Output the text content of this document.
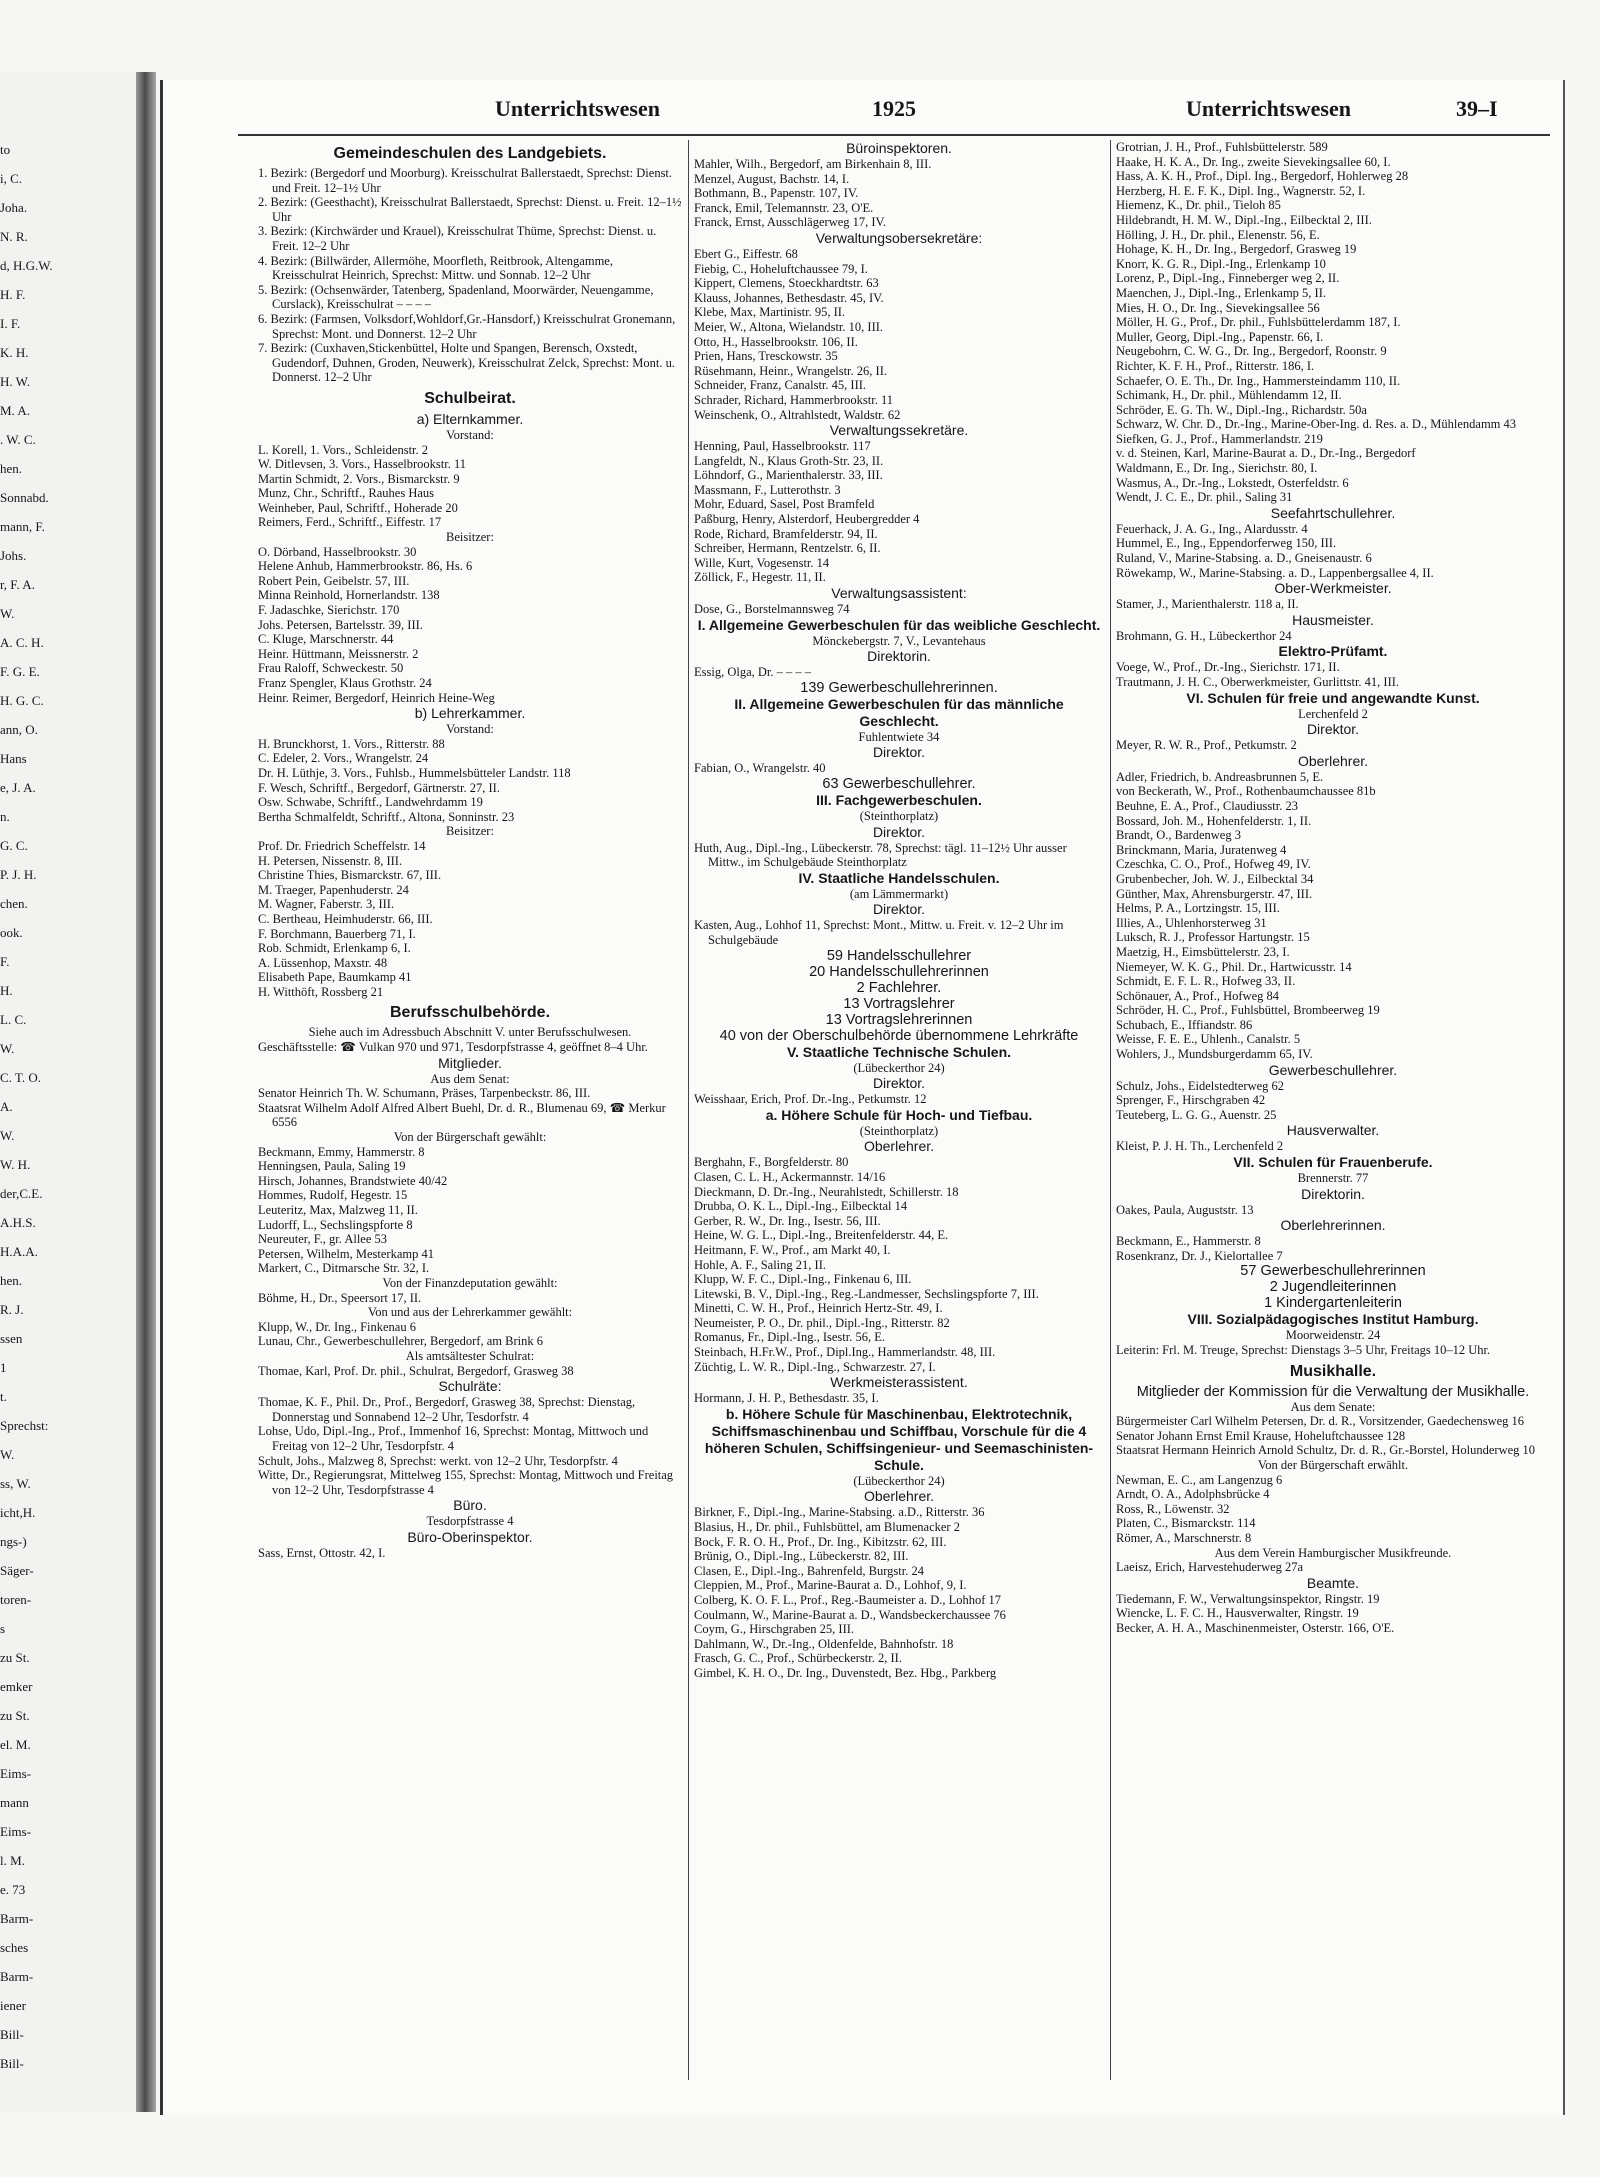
to
i, C.
Joha.
N. R.
d, H.G.W.
H. F.
I. F.
K. H.
H. W.
M. A.
. W. C.
hen.
Sonnabd.
mann, F.
Johs.
r, F. A.
W.
A. C. H.
F. G. E.
H. G. C.
ann, O.
Hans
e, J. A.
n.
G. C.
P. J. H.
chen.
ook.
F.
H.
L. C.
W.
C. T. O.
A.
W.
W. H.
der,C.E.
A.H.S.
H.A.A.
hen.
R. J.
ssen
1
t.
Sprechst:
W.
ss, W.
icht,H.
ngs-)
Säger-
toren-
s
zu St.
emker
zu St.
el. M.
Eims-
mann
Eims-
l. M.
e. 73
Barm-
sches
Barm-
iener
Bill-
Bill-
Unterrichtswesen	1925	Unterrichtswesen	39–I
Gemeindeschulen des Landgebiets.
1. Bezirk: (Bergedorf und Moorburg). Kreisschulrat Ballerstaedt, Sprechst: Dienst. und Freit. 12–1½ Uhr
2. Bezirk: (Geesthacht), Kreisschulrat Ballerstaedt, Sprechst: Dienst. u. Freit. 12–1½ Uhr
3. Bezirk: (Kirchwärder und Krauel), Kreisschulrat Thüme, Sprechst: Dienst. u. Freit. 12–2 Uhr
4. Bezirk: (Billwärder, Allermöhe, Moorfleth, Reitbrook, Altengamme, Kreisschulrat Heinrich, Sprechst: Mittw. und Sonnab. 12–2 Uhr
5. Bezirk: (Ochsenwärder, Tatenberg, Spadenland, Moorwärder, Neuengamme, Curslack), Kreisschulrat – – – –
6. Bezirk: (Farmsen, Volksdorf,Wohldorf,Gr.-Hansdorf,) Kreisschulrat Gronemann, Sprechst: Mont. und Donnerst. 12–2 Uhr
7. Bezirk: (Cuxhaven,Stickenbüttel, Holte und Spangen, Berensch, Oxstedt, Gudendorf, Duhnen, Groden, Neuwerk), Kreisschulrat Zelck, Sprechst: Mont. u. Donnerst. 12–2 Uhr
Schulbeirat.
a) Elternkammer.
Vorstand:
L. Korell, 1. Vors., Schleidenstr. 2
W. Ditlevsen, 3. Vors., Hasselbrookstr. 11
Martin Schmidt, 2. Vors., Bismarckstr. 9
Munz, Chr., Schriftf., Rauhes Haus
Weinheber, Paul, Schriftf., Hoherade 20
Reimers, Ferd., Schriftf., Eiffestr. 17
Beisitzer:
O. Dörband, Hasselbrookstr. 30
Helene Anhub, Hammerbrookstr. 86, Hs. 6
Robert Pein, Geibelstr. 57, III.
Minna Reinhold, Hornerlandstr. 138
F. Jadaschke, Sierichstr. 170
Johs. Petersen, Bartelsstr. 39, III.
C. Kluge, Marschnerstr. 44
Heinr. Hüttmann, Meissnerstr. 2
Frau Raloff, Schweckestr. 50
Franz Spengler, Klaus Grothstr. 24
Heinr. Reimer, Bergedorf, Heinrich Heine-Weg
b) Lehrerkammer.
Vorstand:
H. Brunckhorst, 1. Vors., Ritterstr. 88
C. Edeler, 2. Vors., Wrangelstr. 24
Dr. H. Lüthje, 3. Vors., Fuhlsb., Hummelsbütteler Landstr. 118
F. Wesch, Schriftf., Bergedorf, Gärtnerstr. 27, II.
Osw. Schwabe, Schriftf., Landwehrdamm 19
Bertha Schmalfeldt, Schriftf., Altona, Sonninstr. 23
Beisitzer:
Prof. Dr. Friedrich Scheffelstr. 14
H. Petersen, Nissenstr. 8, III.
Christine Thies, Bismarckstr. 67, III.
M. Traeger, Papenhuderstr. 24
M. Wagner, Faberstr. 3, III.
C. Bertheau, Heimhuderstr. 66, III.
F. Borchmann, Bauerberg 71, I.
Rob. Schmidt, Erlenkamp 6, I.
A. Lüssenhop, Maxstr. 48
Elisabeth Pape, Baumkamp 41
H. Witthöft, Rossberg 21
Berufsschulbehörde.
Siehe auch im Adressbuch Abschnitt V. unter Berufsschulwesen.
Geschäftsstelle: ☎ Vulkan 970 und 971, Tesdorpfstrasse 4, geöffnet 8–4 Uhr.
Mitglieder.
Aus dem Senat:
Senator Heinrich Th. W. Schumann, Präses, Tarpenbeckstr. 86, III.
Staatsrat Wilhelm Adolf Alfred Albert Buehl, Dr. d. R., Blumenau 69, ☎ Merkur 6556
Von der Bürgerschaft gewählt:
Beckmann, Emmy, Hammerstr. 8
Henningsen, Paula, Saling 19
Hirsch, Johannes, Brandstwiete 40/42
Hommes, Rudolf, Hegestr. 15
Leuteritz, Max, Malzweg 11, II.
Ludorff, L., Sechslingspforte 8
Neureuter, F., gr. Allee 53
Petersen, Wilhelm, Mesterkamp 41
Markert, C., Ditmarsche Str. 32, I.
Von der Finanzdeputation gewählt:
Böhme, H., Dr., Speersort 17, II.
Von und aus der Lehrerkammer gewählt:
Klupp, W., Dr. Ing., Finkenau 6
Lunau, Chr., Gewerbeschullehrer, Bergedorf, am Brink 6
Als amtsältester Schulrat:
Thomae, Karl, Prof. Dr. phil., Schulrat, Bergedorf, Grasweg 38
Schulräte:
Thomae, K. F., Phil. Dr., Prof., Bergedorf, Grasweg 38, Sprechst: Dienstag, Donnerstag und Sonnabend 12–2 Uhr, Tesdorfstr. 4
Lohse, Udo, Dipl.-Ing., Prof., Immenhof 16, Sprechst: Montag, Mittwoch und Freitag von 12–2 Uhr, Tesdorpfstr. 4
Schult, Johs., Malzweg 8, Sprechst: werkt. von 12–2 Uhr, Tesdorpfstr. 4
Witte, Dr., Regierungsrat, Mittelweg 155, Sprechst: Montag, Mittwoch und Freitag von 12–2 Uhr, Tesdorpfstrasse 4
Büro.
Tesdorpfstrasse 4
Büro-Oberinspektor.
Sass, Ernst, Ottostr. 42, I.
Büroinspektoren.
Mahler, Wilh., Bergedorf, am Birkenhain 8, III.
Menzel, August, Bachstr. 14, I.
Bothmann, B., Papenstr. 107, IV.
Franck, Emil, Telemannstr. 23, O'E.
Franck, Ernst, Ausschlägerweg 17, IV.
Verwaltungsobersekretäre:
Ebert G., Eiffestr. 68
Fiebig, C., Hoheluftchaussee 79, I.
Kippert, Clemens, Stoeckhardtstr. 63
Klauss, Johannes, Bethesdastr. 45, IV.
Klebe, Max, Martinistr. 95, II.
Meier, W., Altona, Wielandstr. 10, III.
Otto, H., Hasselbrookstr. 106, II.
Prien, Hans, Tresckowstr. 35
Rüsehmann, Heinr., Wrangelstr. 26, II.
Schneider, Franz, Canalstr. 45, III.
Schrader, Richard, Hammerbrookstr. 11
Weinschenk, O., Altrahlstedt, Waldstr. 62
Verwaltungssekretäre.
Henning, Paul, Hasselbrookstr. 117
Langfeldt, N., Klaus Groth-Str. 23, II.
Löhndorf, G., Marienthalerstr. 33, III.
Massmann, F., Lutterothstr. 3
Mohr, Eduard, Sasel, Post Bramfeld
Paßburg, Henry, Alsterdorf, Heubergredder 4
Rode, Richard, Bramfelderstr. 94, II.
Schreiber, Hermann, Rentzelstr. 6, II.
Wille, Kurt, Vogesenstr. 14
Zöllick, F., Hegestr. 11, II.
Verwaltungsassistent:
Dose, G., Borstelmannsweg 74
I. Allgemeine Gewerbeschulen für das weibliche Geschlecht.
Mönckebergstr. 7, V., Levantehaus
Direktorin.
Essig, Olga, Dr. – – – –
139 Gewerbeschullehrerinnen.
II. Allgemeine Gewerbeschulen für das männliche Geschlecht.
Fuhlentwiete 34
Direktor.
Fabian, O., Wrangelstr. 40
63 Gewerbeschullehrer.
III. Fachgewerbeschulen.
(Steinthorplatz)
Direktor.
Huth, Aug., Dipl.-Ing., Lübeckerstr. 78, Sprechst: tägl. 11–12½ Uhr ausser Mittw., im Schulgebäude Steinthorplatz
IV. Staatliche Handelsschulen.
(am Lämmermarkt)
Direktor.
Kasten, Aug., Lohhof 11, Sprechst: Mont., Mittw. u. Freit. v. 12–2 Uhr im Schulgebäude
59 Handelsschullehrer
20 Handelsschullehrerinnen
2 Fachlehrer.
13 Vortragslehrer
13 Vortragslehrerinnen
40 von der Oberschulbehörde übernommene Lehrkräfte
V. Staatliche Technische Schulen.
(Lübeckerthor 24)
Direktor.
Weisshaar, Erich, Prof. Dr.-Ing., Petkumstr. 12
a. Höhere Schule für Hoch- und Tiefbau.
(Steinthorplatz)
Oberlehrer.
Berghahn, F., Borgfelderstr. 80
Clasen, C. L. H., Ackermannstr. 14/16
Dieckmann, D. Dr.-Ing., Neurahlstedt, Schillerstr. 18
Drubba, O. K. L., Dipl.-Ing., Eilbecktal 14
Gerber, R. W., Dr. Ing., Isestr. 56, III.
Heine, W. G. L., Dipl.-Ing., Breitenfelderstr. 44, E.
Heitmann, F. W., Prof., am Markt 40, I.
Hohle, A. F., Saling 21, II.
Klupp, W. F. C., Dipl.-Ing., Finkenau 6, III.
Litewski, B. V., Dipl.-Ing., Reg.-Landmesser, Sechslingspforte 7, III.
Minetti, C. W. H., Prof., Heinrich Hertz-Str. 49, I.
Neumeister, P. O., Dr. phil., Dipl.-Ing., Ritterstr. 82
Romanus, Fr., Dipl.-Ing., Isestr. 56, E.
Steinbach, H.Fr.W., Prof., Dipl.Ing., Hammerlandstr. 48, III.
Züchtig, L. W. R., Dipl.-Ing., Schwarzestr. 27, I.
Werkmeisterassistent.
Hormann, J. H. P., Bethesdastr. 35, I.
b. Höhere Schule für Maschinenbau, Elektrotechnik, Schiffsmaschinenbau und Schiffbau, Vorschule für die 4 höheren Schulen, Schiffsingenieur- und Seemaschinisten-Schule.
(Lübeckerthor 24)
Oberlehrer.
Birkner, F., Dipl.-Ing., Marine-Stabsing. a.D., Ritterstr. 36
Blasius, H., Dr. phil., Fuhlsbüttel, am Blumenacker 2
Bock, F. R. O. H., Prof., Dr. Ing., Kibitzstr. 62, III.
Brünig, O., Dipl.-Ing., Lübeckerstr. 82, III.
Clasen, E., Dipl.-Ing., Bahrenfeld, Burgstr. 24
Cleppien, M., Prof., Marine-Baurat a. D., Lohhof, 9, I.
Colberg, K. O. F. L., Prof., Reg.-Baumeister a. D., Lohhof 17
Coulmann, W., Marine-Baurat a. D., Wandsbeckerchaussee 76
Coym, G., Hirschgraben 25, III.
Dahlmann, W., Dr.-Ing., Oldenfelde, Bahnhofstr. 18
Frasch, G. C., Prof., Schürbeckerstr. 2, II.
Gimbel, K. H. O., Dr. Ing., Duvenstedt, Bez. Hbg., Parkberg
Grotrian, J. H., Prof., Fuhlsbüttelerstr. 589
Haake, H. K. A., Dr. Ing., zweite Sievekingsallee 60, I.
Hass, A. K. H., Prof., Dipl. Ing., Bergedorf, Hohlerweg 28
Herzberg, H. E. F. K., Dipl. Ing., Wagnerstr. 52, I.
Hiemenz, K., Dr. phil., Tieloh 85
Hildebrandt, H. M. W., Dipl.-Ing., Eilbecktal 2, III.
Hölling, J. H., Dr. phil., Elenenstr. 56, E.
Hohage, K. H., Dr. Ing., Bergedorf, Grasweg 19
Knorr, K. G. R., Dipl.-Ing., Erlenkamp 10
Lorenz, P., Dipl.-Ing., Finneberger weg 2, II.
Maenchen, J., Dipl.-Ing., Erlenkamp 5, II.
Mies, H. O., Dr. Ing., Sievekingsallee 56
Möller, H. G., Prof., Dr. phil., Fuhlsbüttelerdamm 187, I.
Muller, Georg, Dipl.-Ing., Papenstr. 66, I.
Neugebohrn, C. W. G., Dr. Ing., Bergedorf, Roonstr. 9
Richter, K. F. H., Prof., Ritterstr. 186, I.
Schaefer, O. E. Th., Dr. Ing., Hammersteindamm 110, II.
Schimank, H., Dr. phil., Mühlendamm 12, II.
Schröder, E. G. Th. W., Dipl.-Ing., Richardstr. 50a
Schwarz, W. Chr. D., Dr.-Ing., Marine-Ober-Ing. d. Res. a. D., Mühlendamm 43
Siefken, G. J., Prof., Hammerlandstr. 219
v. d. Steinen, Karl, Marine-Baurat a. D., Dr.-Ing., Bergedorf
Waldmann, E., Dr. Ing., Sierichstr. 80, I.
Wasmus, A., Dr.-Ing., Lokstedt, Osterfeldstr. 6
Wendt, J. C. E., Dr. phil., Saling 31
Seefahrtschullehrer.
Feuerhack, J. A. G., Ing., Alardusstr. 4
Hummel, E., Ing., Eppendorferweg 150, III.
Ruland, V., Marine-Stabsing. a. D., Gneisenaustr. 6
Röwekamp, W., Marine-Stabsing. a. D., Lappenbergsallee 4, II.
Ober-Werkmeister.
Stamer, J., Marienthalerstr. 118 a, II.
Hausmeister.
Brohmann, G. H., Lübeckerthor 24
Elektro-Prüfamt.
Voege, W., Prof., Dr.-Ing., Sierichstr. 171, II.
Trautmann, J. H. C., Oberwerkmeister, Gurlittstr. 41, III.
VI. Schulen für freie und angewandte Kunst.
Lerchenfeld 2
Direktor.
Meyer, R. W. R., Prof., Petkumstr. 2
Oberlehrer.
Adler, Friedrich, b. Andreasbrunnen 5, E.
von Beckerath, W., Prof., Rothenbaumchaussee 81b
Beuhne, E. A., Prof., Claudiusstr. 23
Bossard, Joh. M., Hohenfelderstr. 1, II.
Brandt, O., Bardenweg 3
Brinckmann, Maria, Juratenweg 4
Czeschka, C. O., Prof., Hofweg 49, IV.
Grubenbecher, Joh. W. J., Eilbecktal 34
Günther, Max, Ahrensburgerstr. 47, III.
Helms, P. A., Lortzingstr. 15, III.
Illies, A., Uhlenhorsterweg 31
Luksch, R. J., Professor Hartungstr. 15
Maetzig, H., Eimsbüttelerstr. 23, I.
Niemeyer, W. K. G., Phil. Dr., Hartwicusstr. 14
Schmidt, E. F. L. R., Hofweg 33, II.
Schönauer, A., Prof., Hofweg 84
Schröder, H. C., Prof., Fuhlsbüttel, Brombeerweg 19
Schubach, E., Iffiandstr. 86
Weisse, F. E. E., Uhlenh., Canalstr. 5
Wohlers, J., Mundsburgerdamm 65, IV.
Gewerbeschullehrer.
Schulz, Johs., Eidelstedterweg 62
Sprenger, F., Hirschgraben 42
Teuteberg, L. G. G., Auenstr. 25
Hausverwalter.
Kleist, P. J. H. Th., Lerchenfeld 2
VII. Schulen für Frauenberufe.
Brennerstr. 77
Direktorin.
Oakes, Paula, Auguststr. 13
Oberlehrerinnen.
Beckmann, E., Hammerstr. 8
Rosenkranz, Dr. J., Kielortallee 7
57 Gewerbeschullehrerinnen
2 Jugendleiterinnen
1 Kindergartenleiterin
VIII. Sozialpädagogisches Institut Hamburg.
Moorweidenstr. 24
Leiterin: Frl. M. Treuge, Sprechst: Dienstags 3–5 Uhr, Freitags 10–12 Uhr.
Musikhalle.
Mitglieder der Kommission für die Verwaltung der Musikhalle.
Aus dem Senate:
Bürgermeister Carl Wilhelm Petersen, Dr. d. R., Vorsitzender, Gaedechensweg 16
Senator Johann Ernst Emil Krause, Hoheluftchaussee 128
Staatsrat Hermann Heinrich Arnold Schultz, Dr. d. R., Gr.-Borstel, Holunderweg 10
Von der Bürgerschaft erwählt.
Newman, E. C., am Langenzug 6
Arndt, O. A., Adolphsbrücke 4
Ross, R., Löwenstr. 32
Platen, C., Bismarckstr. 114
Römer, A., Marschnerstr. 8
Aus dem Verein Hamburgischer Musikfreunde.
Laeisz, Erich, Harvestehuderweg 27a
Beamte.
Tiedemann, F. W., Verwaltungsinspektor, Ringstr. 19
Wiencke, L. F. C. H., Hausverwalter, Ringstr. 19
Becker, A. H. A., Maschinenmeister, Osterstr. 166, O'E.
